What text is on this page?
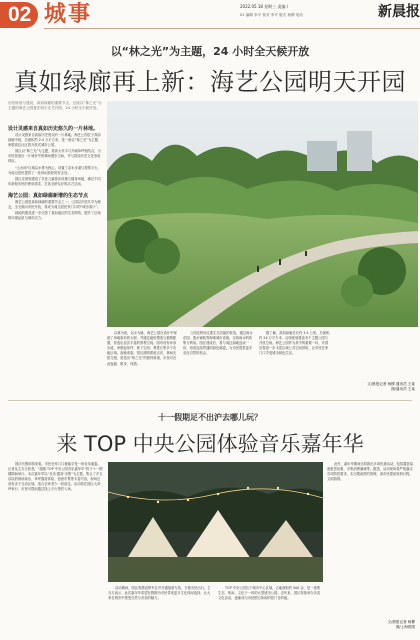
02 城事	2022.05.18 星期三 责编 /
01 编辑 李平 校对 李平 版式 杨柳 电话	新晨报
以“林之光”为主题，24 小时全天候开放
真如绿廊再上新：海艺公园明天开园
历经规划与建设，真如绿廊的重要节点，这座以“林之光”为主题的海艺公园将在明天正式开园，24 小时全天候开放。
设计灵感来自真如历史悠久的一片林地。

设计灵感来自真如历史悠久的一片林地。海艺公园位于真如绿廊中段，总面积约 2.4 万平方米，是一座以“林之光”为主题、串联周边社区的开放式城市公园。

园区以“林之光”为主题，将高大乔木与开阔草坪相结合，为市民营造出一片城市中的林间漫步空间，并与真如历史文化形成呼应。

“云水间”区域以水景为核心，设置了亲水步道与观景平台，为周边居民提供了一处休闲放松的好去处。

园区还规划建设了多处儿童游乐设施与健身场地，满足不同年龄段市民的使用需求，打造全龄友好的活力空间。

海艺公园：真如绿廊新增的生态节点

海艺公园是真如绿廊的重要节点之一。公园以开放共享为理念，全天候向市民开放，将成为周边居民家门口的“城市客厅”。

绿地的建成进一步完善了真如地区的生态网络，提升了区域的环境品质与城市活力。

以林为底，以水为脉，海艺公园在设计中保留了场地原有的大树，并通过地形塑造与植物配置，营造出层次丰富的景观空间。园内设有环形步道，串联起草坪、林下空间、观景台等多个功能区域。夜晚来临，园区照明系统点亮，林间光影交错，营造出“林之光”的独特意境，市民可在此夜跑、散步、休憩。

公园还特别注重生态功能的营造，通过雨水花园、透水铺装等海绵城市设施，实现雨水的收集与利用。园区建成后，将与周边绿地连成一体，形成连续贯通的绿色廊道，为市民提供更多亲近自然的机会。

据了解，真如绿廊总长约 3.4 公里，总面积约 24 万平方米，沿线规划建设多个主题公园与开放空间。海艺公园作为其中的重要一环，开园后将进一步丰富区域公共空间供给，让市民在家门口享受城市绿色生活。

文/晨报记者 杨柳 通讯员 王某
图/通讯员 王某
十一假期足不出沪去哪儿玩？
来 TOP 中央公园体验音乐嘉年华

国庆长假即将来临，市民在家门口就能享受一场音乐盛宴。记者从主办方获悉，“超级 TOP 中央公园音乐嘉年华”将于十一假期期间举行。本次嘉年华以“音乐·露营·市集”为主题，集合了多支乐队的现场演出、草坪露营体验、创意市集等丰富内容，现场还设有亲子互动区域，适合全家老少一同前往。活动将在园区大草坪举行，市民可提前通过线上平台预约入场。

活动期间，园区将增设停车位并开通接驳专线，方便市民出行。主办方表示，此次嘉年华希望在假期为市民带来更多文化休闲选择，让大家在城市中感受自然与音乐的魅力。

TOP 中央公园位于城市中心区域，占地面积约 500 亩，是一座集生态、休闲、文化于一体的大型城市公园。近年来，园区持续举办各类文化活动，逐渐成为市民假日休闲的热门目的地。

此外，嘉年华期间还将推出多项优惠活动，包括露营装备租赁优惠、市集消费满减等。据悉，活动现场将严格落实各项防控要求，实行限流预约管理，请市民提前规划行程，文明游园。

文/晨报记者 杨柳
图/上海供图
